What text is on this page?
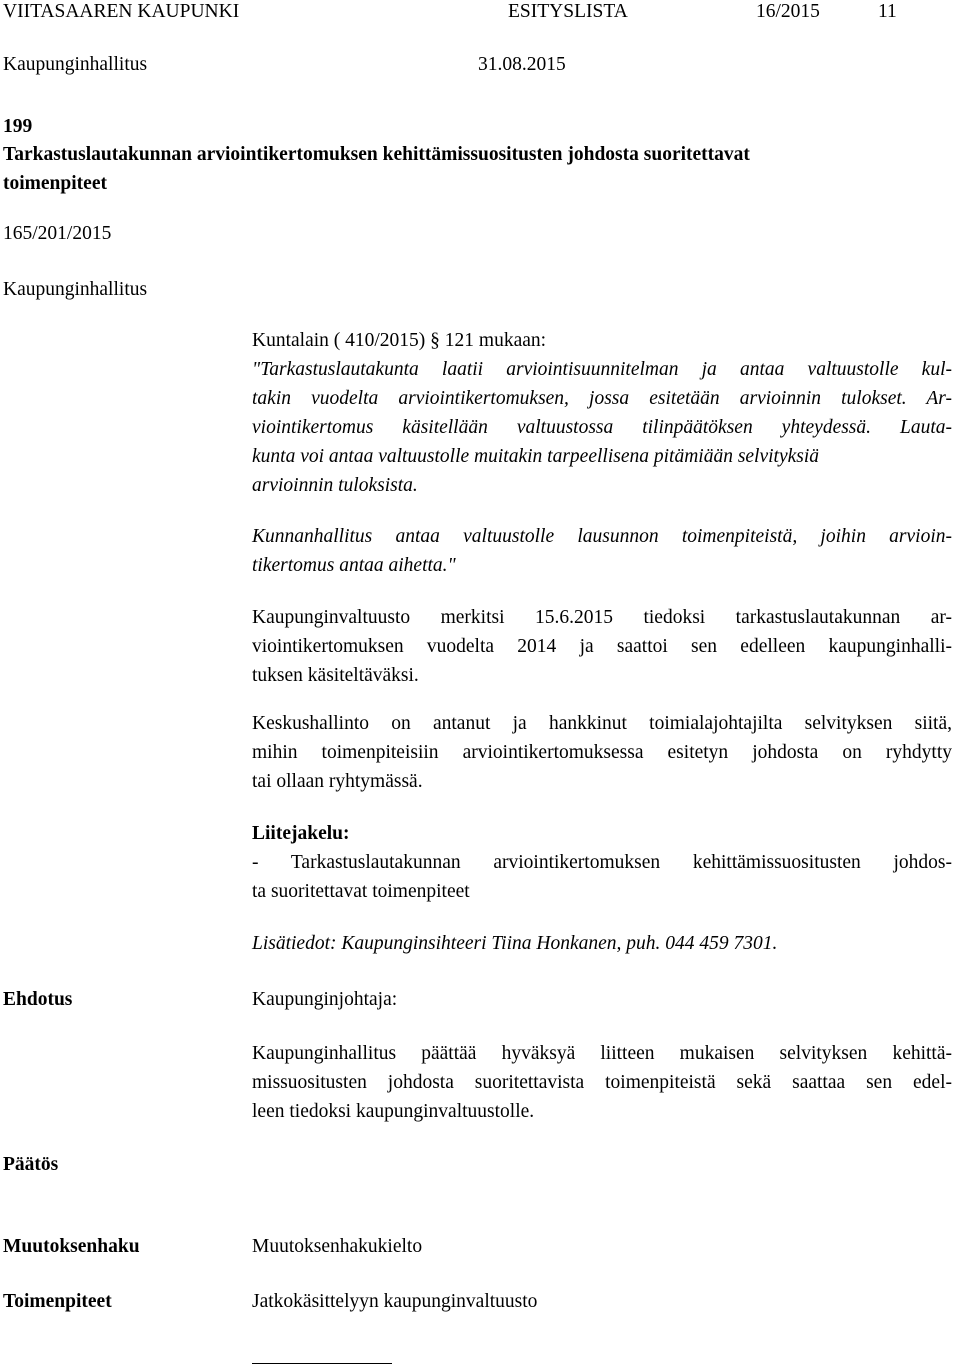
VIITASAAREN KAUPUNKI	ESITYSLISTA	16/2015	11
Kaupunginhallitus	31.08.2015
199
Tarkastuslautakunnan arviointikertomuksen kehittämissuositusten johdosta suoritettavat
toimenpiteet
165/201/2015
Kaupunginhallitus
Kuntalain ( 410/2015) § 121 mukaan:
"Tarkastuslautakunta laatii arviointisuunnitelman ja antaa valtuustolle kul-
takin vuodelta arviointikertomuksen, jossa esitetään arvioinnin tulokset. Ar-
viointikertomus käsitellään valtuustossa tilinpäätöksen yhteydessä. Lauta-
kunta voi antaa valtuustolle muitakin tarpeellisena pitämiään selvityksiä
arvioinnin tuloksista.
Kunnanhallitus antaa valtuustolle lausunnon toimenpiteistä, joihin arvioin-
tikertomus antaa aihetta."
Kaupunginvaltuusto merkitsi 15.6.2015 tiedoksi tarkastuslautakunnan ar-
viointikertomuksen vuodelta 2014 ja saattoi sen edelleen kaupunginhalli-
tuksen käsiteltäväksi.
Keskushallinto on antanut ja hankkinut toimialajohtajilta selvityksen siitä,
mihin toimenpiteisiin arviointikertomuksessa esitetyn johdosta on ryhdytty
tai ollaan ryhtymässä.
Liitejakelu:
- Tarkastuslautakunnan arviointikertomuksen kehittämissuositusten johdos-
ta suoritettavat toimenpiteet
Lisätiedot: Kaupunginsihteeri Tiina Honkanen, puh. 044 459 7301.
Ehdotus	Kaupunginjohtaja:
Kaupunginhallitus päättää hyväksyä liitteen mukaisen selvityksen kehittä-
missuositusten johdosta suoritettavista toimenpiteistä sekä saattaa sen edel-
leen tiedoksi kaupunginvaltuustolle.
Päätös
Muutoksenhaku	Muutoksenhakukielto
Toimenpiteet	Jatkokäsittelyyn kaupunginvaltuusto
